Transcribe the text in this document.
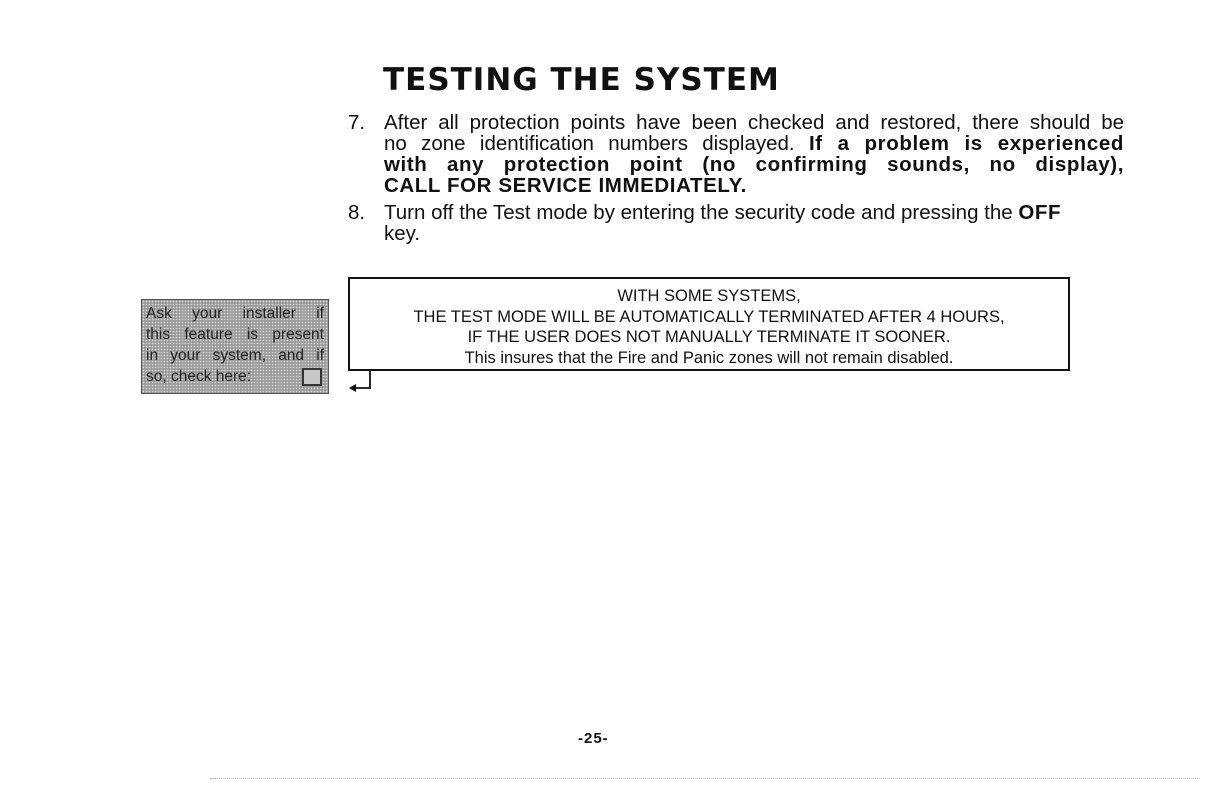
TESTING THE SYSTEM
7. After all protection points have been checked and restored, there should be
no zone identification numbers displayed. If a problem is experienced
with any protection point (no confirming sounds, no display),
CALL FOR SERVICE IMMEDIATELY.
8. Turn off the Test mode by entering the security code and pressing the OFF
key.
Ask your installer if
this feature is present
in your system, and if
so, check here:
WITH SOME SYSTEMS,
THE TEST MODE WILL BE AUTOMATICALLY TERMINATED AFTER 4 HOURS,
IF THE USER DOES NOT MANUALLY TERMINATE IT SOONER.
This insures that the Fire and Panic zones will not remain disabled.
-25-
